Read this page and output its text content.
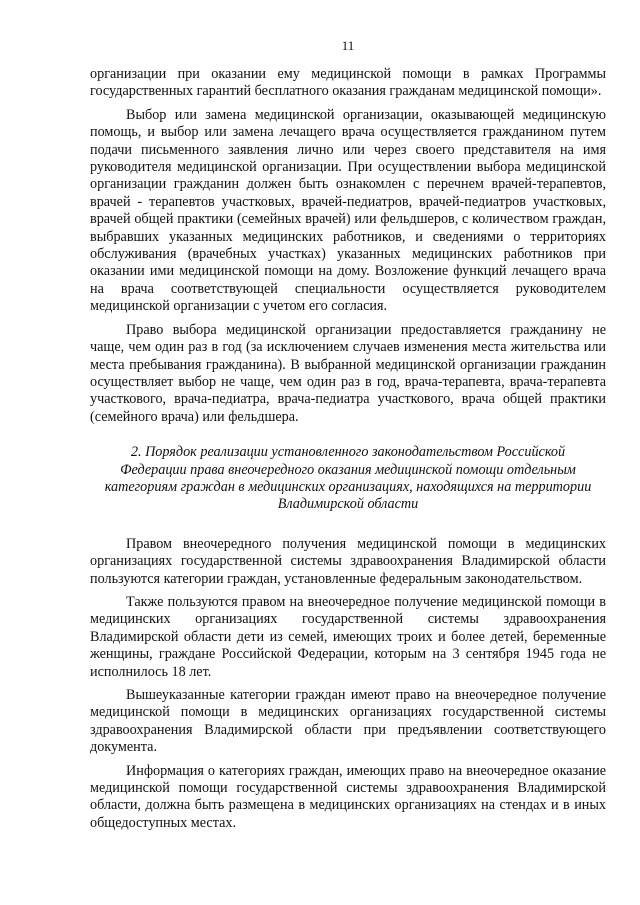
11

организации при оказании ему медицинской помощи в рамках Программы государственных гарантий бесплатного оказания гражданам медицинской помощи».

Выбор или замена медицинской организации, оказывающей медицинскую помощь, и выбор или замена лечащего врача осуществляется гражданином путем подачи письменного заявления лично или через своего представителя на имя руководителя медицинской организации. При осуществлении выбора медицинской организации гражданин должен быть ознакомлен с перечнем врачей-терапевтов, врачей - терапевтов участковых, врачей-педиатров, врачей-педиатров участковых, врачей общей практики (семейных врачей) или фельдшеров, с количеством граждан, выбравших указанных медицинских работников, и сведениями о территориях обслуживания (врачебных участках) указанных медицинских работников при оказании ими медицинской помощи на дому. Возложение функций лечащего врача на врача соответствующей специальности осуществляется руководителем медицинской организации с учетом его согласия.

Право выбора медицинской организации предоставляется гражданину не чаще, чем один раз в год (за исключением случаев изменения места жительства или места пребывания гражданина). В выбранной медицинской организации гражданин осуществляет выбор не чаще, чем один раз в год, врача-терапевта, врача-терапевта участкового, врача-педиатра, врача-педиатра участкового, врача общей практики (семейного врача) или фельдшера.

2. Порядок реализации установленного законодательством Российской Федерации права внеочередного оказания медицинской помощи отдельным категориям граждан в медицинских организациях, находящихся на территории Владимирской области

Правом внеочередного получения медицинской помощи в медицинских организациях государственной системы здравоохранения Владимирской области пользуются категории граждан, установленные федеральным законодательством.

Также пользуются правом на внеочередное получение медицинской помощи в медицинских организациях государственной системы здравоохранения Владимирской области дети из семей, имеющих троих и более детей, беременные женщины, граждане Российской Федерации, которым на 3 сентября 1945 года не исполнилось 18 лет.

Вышеуказанные категории граждан имеют право на внеочередное получение медицинской помощи в медицинских организациях государственной системы здравоохранения Владимирской области при предъявлении соответствующего документа.

Информация о категориях граждан, имеющих право на внеочередное оказание медицинской помощи государственной системы здравоохранения Владимирской области, должна быть размещена в медицинских организациях на стендах и в иных общедоступных местах.
